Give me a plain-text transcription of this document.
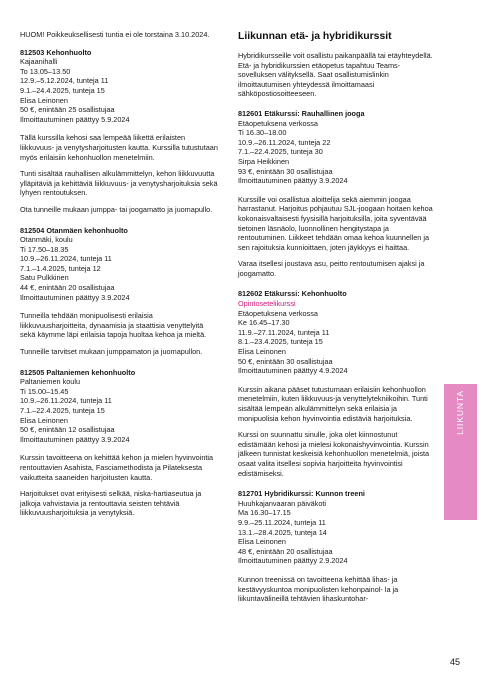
HUOM! Poikkeuksellisesti tuntia ei ole torstaina 3.10.2024.

812503 Kehonhuolto
Kajaanihalli
To 13.05–13.50
12.9.–5.12.2024, tunteja 11
9.1.–24.4.2025, tunteja 15
Elisa Leinonen
50 €, enintään 25 osallistujaa
Ilmoittautuminen päättyy 5.9.2024

Tällä kurssilla kehosi saa lempeää liikettä erilaisten liikkuvuus- ja venytysharjoitusten kautta. Kurssilla tutustutaan myös erilaisiin kehonhuollon menetelmiin.

Tunti sisältää rauhallisen alkulämmittelyn, kehon liikkuvuutta ylläpitäviä ja kehittäviä liikkuvuus- ja venytysharjoituksia sekä lyhyen rentoutuksen.

Ota tunneille mukaan jumppa- tai joogamatto ja juomapullo.

812504 Otanmäen kehonhuolto
Otanmäki, koulu
Ti 17.50–18.35
10.9.–26.11.2024, tunteja 11
7.1.–1.4.2025, tunteja 12
Satu Pulkkinen
44 €, enintään 20 osallistujaa
Ilmoittautuminen päättyy 3.9.2024

Tunneilla tehdään monipuolisesti erilaisia liikkuvuusharjoitteita, dynaamisia ja staattisia venyttelyitä sekä käymme läpi erilaisia tapoja huoltaa kehoa ja mieltä.

Tunneille tarvitset mukaan jumppamaton ja juomapullon.

812505 Paltaniemen kehonhuolto
Paltaniemen koulu
Ti 15.00–15.45
10.9.–26.11.2024, tunteja 11
7.1.–22.4.2025, tunteja 15
Elisa Leinonen
50 €, enintään 12 osallistujaa
Ilmoittautuminen päättyy 3.9.2024

Kurssin tavoitteena on kehittää kehon ja mielen hyvinvointia rentouttavien Asahista, Fasciamethodista ja Pilateksesta vaikutteita saaneiden harjoitusten kautta.

Harjoitukset ovat erityisesti selkää, niska-hartiaseutua ja jalkoja vahvistavia ja rentouttavia seisten tehtäviä liikkuvuusharjoituksia ja venytyksiä.

Liikunnan etä- ja hybridikurssit

Hybridikursseille voit osallistu paikanpäällä tai etäyhteydellä.
Etä- ja hybridikurssien etäopetus tapahtuu Teams-sovelluksen välityksellä. Saat osallistumislinkin ilmoittautumisen yhteydessä ilmoittamaasi sähköpostiosoitteeseen.

812601 Etäkurssi: Rauhallinen jooga
Etäopetuksena verkossa
Ti 16.30–18.00
10.9.–26.11.2024, tunteja 22
7.1.–22.4.2025, tunteja 30
Sirpa Heikkinen
93 €, enintään 30 osallistujaa
Ilmoittautuminen päättyy 3.9.2024

Kurssille voi osallistua aloittelija sekä aiemmin joogaa harrastanut. Harjoitus pohjautuu SJL-joogaan hoitaen kehoa kokonaisvaltaisesti fyysisillä harjoituksilla, joita syventävää tietoinen läsnäolo, luonnollinen hengitystapa ja rentoutuminen. Liikkeet tehdään omaa kehoa kuunnellen ja sen rajoituksia kunnioittaen, joten jäykkyys ei haittaa.

Varaa itsellesi joustava asu, peitto rentoutumisen ajaksi ja joogamatto.

812602 Etäkurssi: Kehonhuolto
Opintosetelikurssi
Etäopetuksena verkossa
Ke 16.45–17.30
11.9.–27.11.2024, tunteja 11
8.1.–23.4.2025, tunteja 15
Elisa Leinonen
50 €, enintään 30 osallistujaa
Ilmoittautuminen päättyy 4.9.2024

Kurssin aikana pääset tutustumaan erilaisiin kehonhuollon menetelmiin, kuten liikkuvuus-ja venyttelytekniikoihin. Tunti sisältää lempeän alkulämmittelyn sekä erilaisia ja monipuolisia kehon hyvinvointia edistäviä harjoituksia.

Kurssi on suunnattu sinulle, joka olet kiinnostunut edistämään kehosi ja mielesi kokonaishyvinvointia. Kurssin jälkeen tunnistat keskeisiä kehonhuollon menetelmiä, joista osaat valita itsellesi sopivia harjoitteita hyvinvointisi edistämiseksi.

812701 Hybridikurssi: Kunnon treeni
Huuhkajanvaaran päiväkoti
Ma 16.30–17.15
9.9.–25.11.2024, tunteja 11
13.1.–28.4.2025, tunteja 14
Elisa Leinonen
48 €, enintään 20 osallistujaa
Ilmoittautuminen päättyy 2.9.2024

Kunnon treenissä on tavoitteena kehittää lihas- ja kestävyyskuntoa monipuolisten kehonpainol- la ja liikuntavälineillä tehtävien lihaskuntohar-

LIIKUNTA
45
